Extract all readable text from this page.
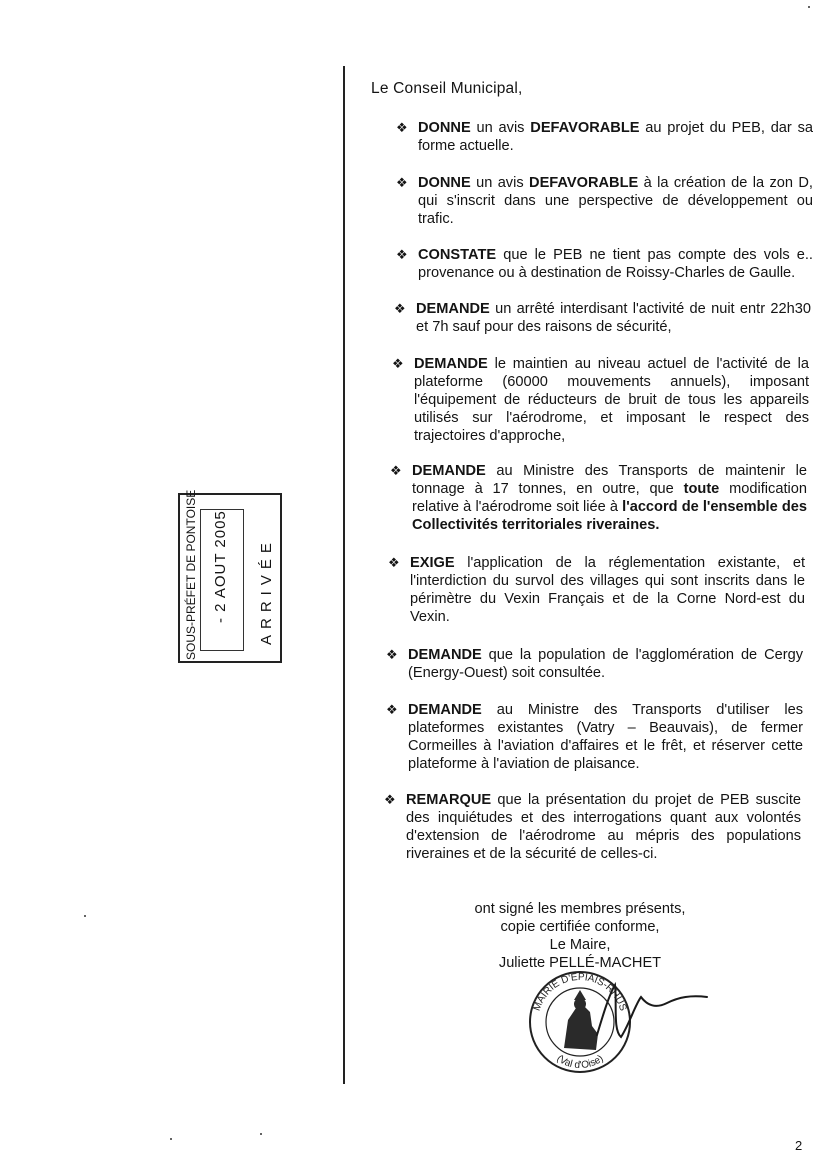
Le Conseil Municipal,
❖ DONNE un avis DEFAVORABLE au projet du PEB, dar sa forme actuelle.
❖ DONNE un avis DEFAVORABLE à la création de la zon D, qui s'inscrit dans une perspective de développement ou trafic.
❖ CONSTATE que le PEB ne tient pas compte des vols e.. provenance ou à destination de Roissy-Charles de Gaulle.
❖ DEMANDE un arrêté interdisant l'activité de nuit entr 22h30 et 7h sauf pour des raisons de sécurité,
❖ DEMANDE le maintien au niveau actuel de l'activité de la plateforme (60000 mouvements annuels), imposant l'équipement de réducteurs de bruit de tous les appareils utilisés sur l'aérodrome, et imposant le respect des trajectoires d'approche,
❖ DEMANDE au Ministre des Transports de maintenir le tonnage à 17 tonnes, en outre, que toute modification relative à l'aérodrome soit liée à l'accord de l'ensemble des Collectivités territoriales riveraines.
❖ EXIGE l'application de la réglementation existante, et l'interdiction du survol des villages qui sont inscrits dans le périmètre du Vexin Français et de la Corne Nord-est du Vexin.
❖ DEMANDE que la population de l'agglomération de Cergy (Energy-Ouest) soit consultée.
❖ DEMANDE au Ministre des Transports d'utiliser les plateformes existantes (Vatry – Beauvais), de fermer Cormeilles à l'aviation d'affaires et le frêt, et réserver cette plateforme à l'aviation de plaisance.
❖ REMARQUE que la présentation du projet de PEB suscite des inquiétudes et des interrogations quant aux volontés d'extension de l'aérodrome au mépris des populations riveraines et de la sécurité de celles-ci.
SOUS-PRÉFET DE PONTOISE - 2 AOUT 2005 ARRIVÉE
ont signé les membres présents,
copie certifiée conforme,
Le Maire,
Juliette PELLÉ-MACHET
MAIRIE D'EPIAIS-RHUS
(Val d'Oise)
2
